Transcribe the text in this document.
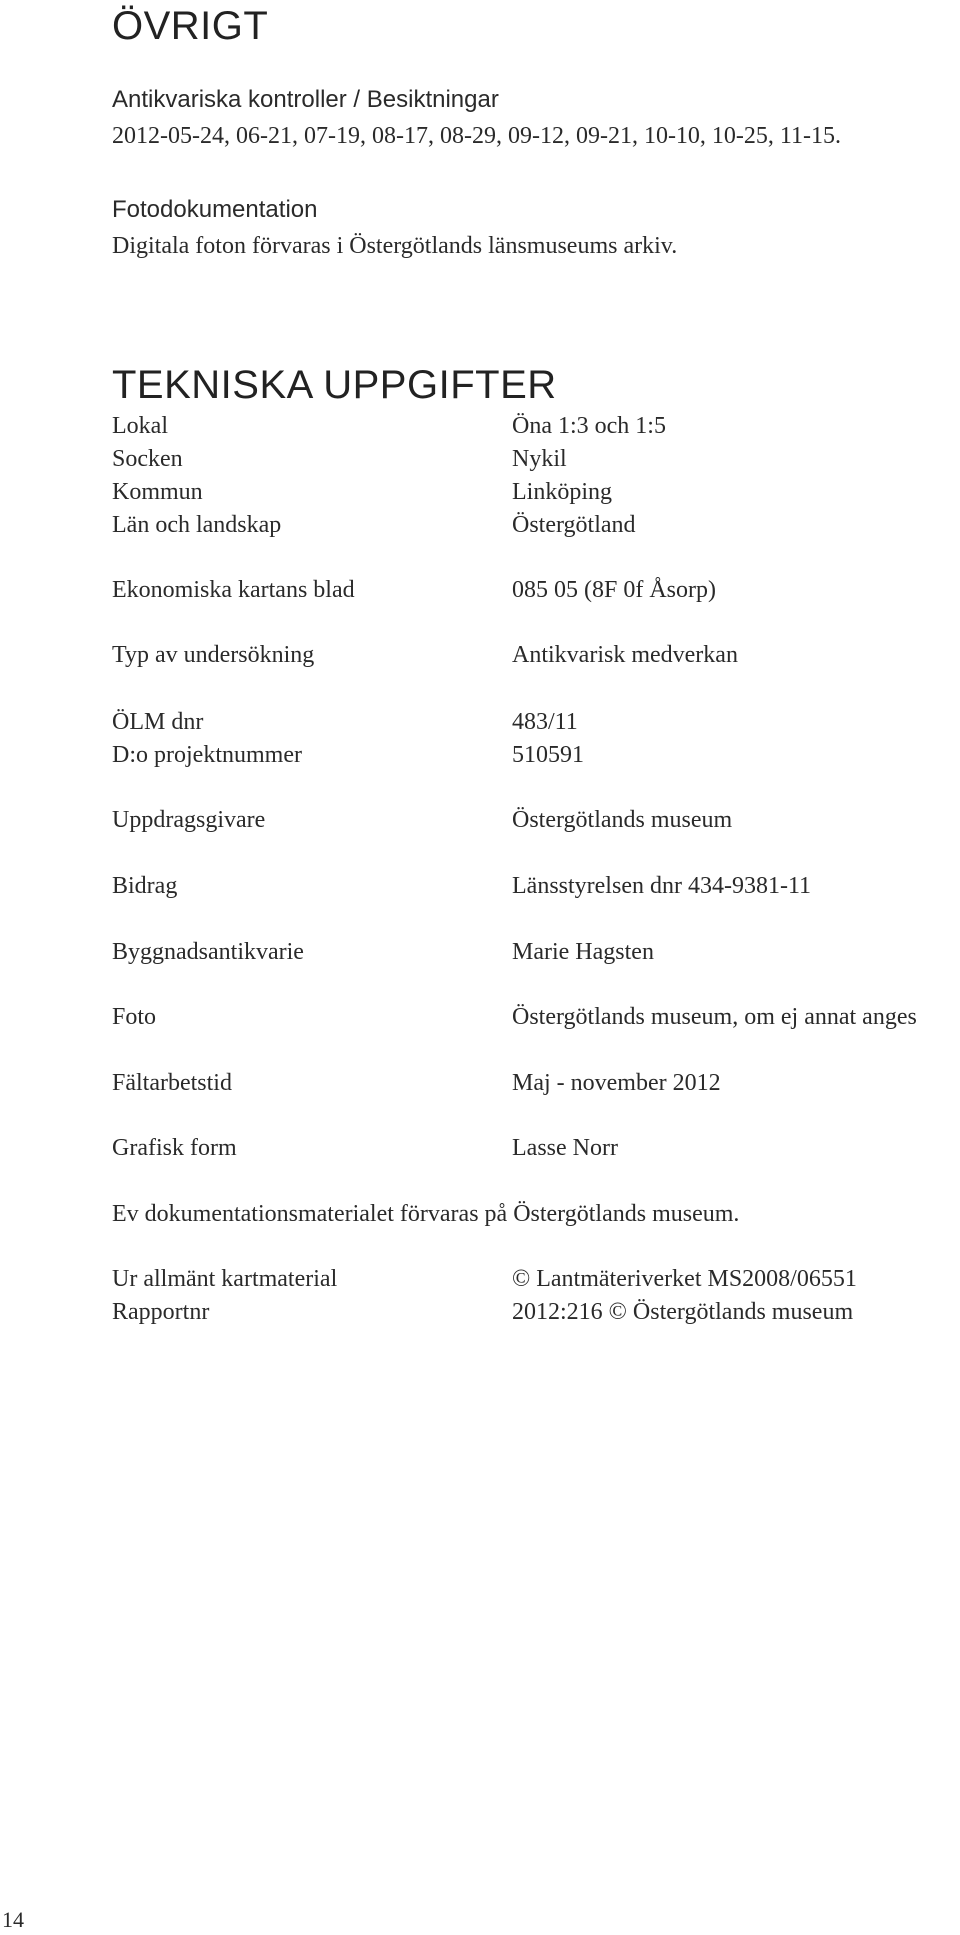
ÖVRIGT
Antikvariska kontroller / Besiktningar
2012-05-24, 06-21, 07-19, 08-17, 08-29, 09-12, 09-21, 10-10, 10-25, 11-15.
Fotodokumentation
Digitala foton förvaras i Östergötlands länsmuseums arkiv.
TEKNISKA UPPGIFTER
Lokal	Öna 1:3 och 1:5
Socken	Nykil
Kommun	Linköping
Län och landskap	Östergötland
Ekonomiska kartans blad	085 05 (8F 0f Åsorp)
Typ av undersökning	Antikvarisk medverkan
ÖLM dnr	483/11
D:o projektnummer	510591
Uppdragsgivare	Östergötlands museum
Bidrag	Länsstyrelsen dnr 434-9381-11
Byggnadsantikvarie	Marie Hagsten
Foto	Östergötlands museum, om ej annat anges
Fältarbetstid	Maj - november 2012
Grafisk form	Lasse Norr
Ev dokumentationsmaterialet förvaras på Östergötlands museum.
Ur allmänt kartmaterial	© Lantmäteriverket MS2008/06551
Rapportnr	2012:216 © Östergötlands museum
14
